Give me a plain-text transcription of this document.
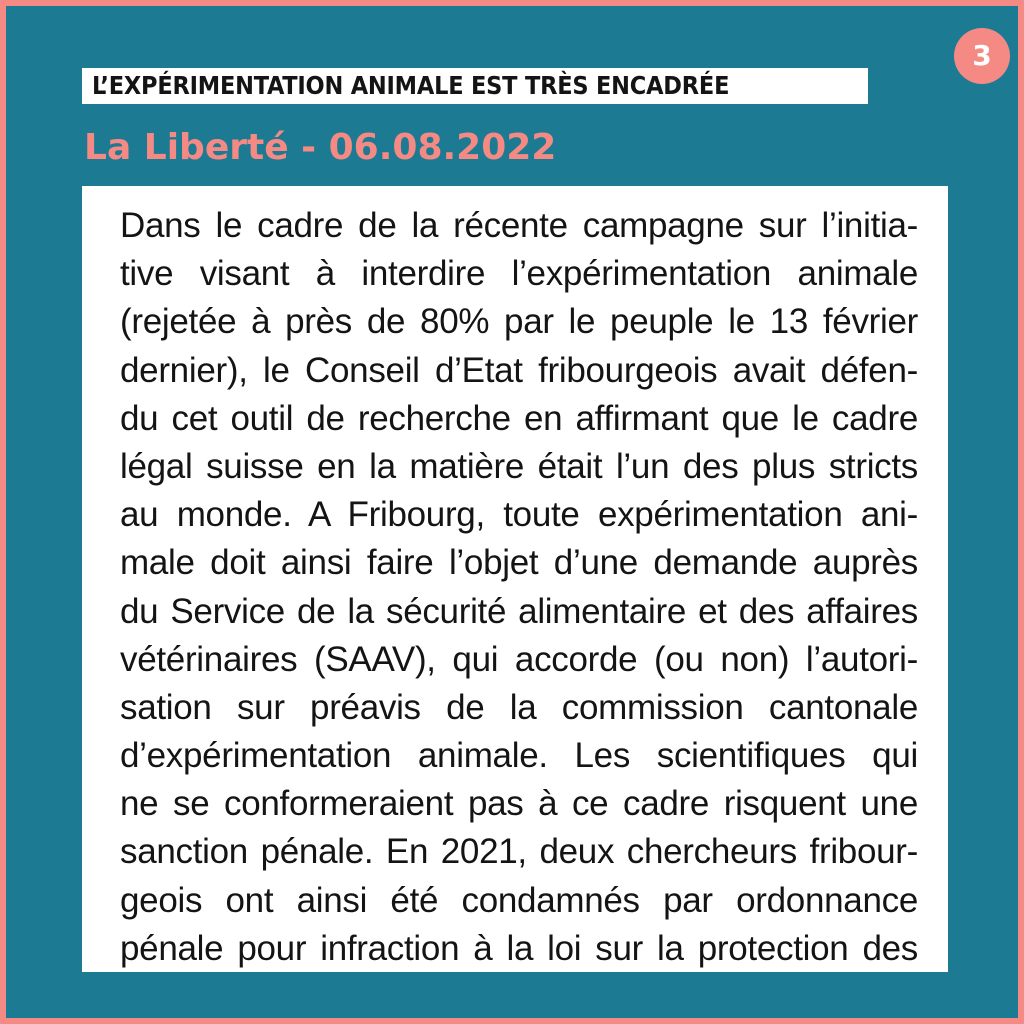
3
L’EXPÉRIMENTATION ANIMALE EST TRÈS ENCADRÉE
La Liberté - 06.08.2022
Dans le cadre de la récente campagne sur l’initia-
tive visant à interdire l’expérimentation animale
(rejetée à près de 80% par le peuple le 13 février
dernier), le Conseil d’Etat fribourgeois avait défen-
du cet outil de recherche en affirmant que le cadre
légal suisse en la matière était l’un des plus stricts
au monde. A Fribourg, toute expérimentation ani-
male doit ainsi faire l’objet d’une demande auprès
du Service de la sécurité alimentaire et des affaires
vétérinaires (SAAV), qui accorde (ou non) l’autori-
sation sur préavis de la commission cantonale
d’expérimentation animale. Les scientifiques qui
ne se conformeraient pas à ce cadre risquent une
sanction pénale. En 2021, deux chercheurs fribour-
geois ont ainsi été condamnés par ordonnance
pénale pour infraction à la loi sur la protection des
